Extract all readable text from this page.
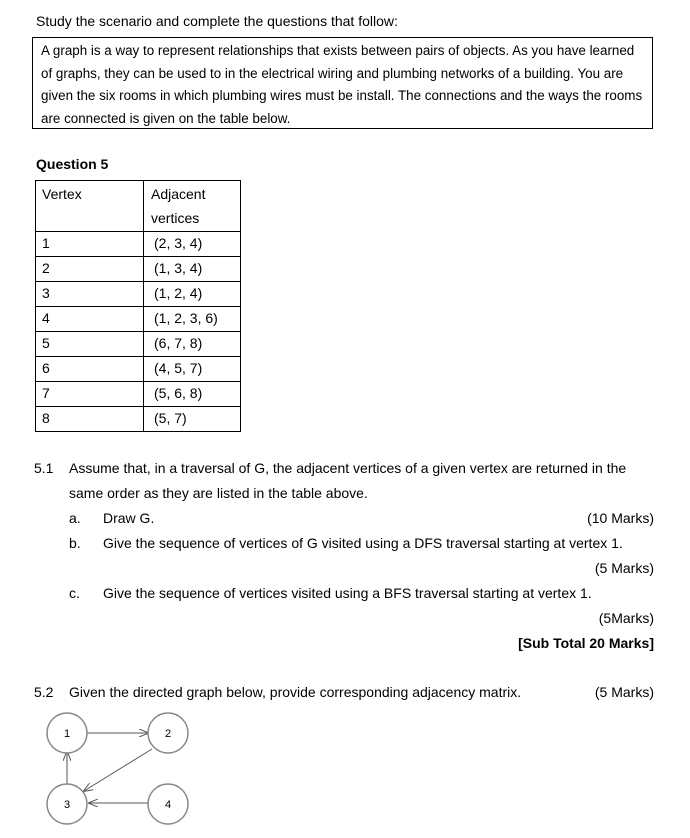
Study the scenario and complete the questions that follow:
A graph is a way to represent relationships that exists between pairs of objects. As you have learned of graphs, they can be used to in the electrical wiring and plumbing networks of a building. You are given the six rooms in which plumbing wires must be install. The connections and the ways the rooms are connected is given on the table below.
Question 5
Vertex	Adjacent vertices
1	(2, 3, 4)
2	(1, 3, 4)
3	(1, 2, 4)
4	(1, 2, 3, 6)
5	(6, 7, 8)
6	(4, 5, 7)
7	(5, 6, 8)
8	(5, 7)
5.1 Assume that, in a traversal of G, the adjacent vertices of a given vertex are returned in the
same order as they are listed in the table above.
a. Draw G.	(10 Marks)
b. Give the sequence of vertices of G visited using a DFS traversal starting at vertex 1.
(5 Marks)
c. Give the sequence of vertices visited using a BFS traversal starting at vertex 1.
(5Marks)
[Sub Total 20 Marks]
5.2 Given the directed graph below, provide corresponding adjacency matrix.	(5 Marks)
1	2
3	4
